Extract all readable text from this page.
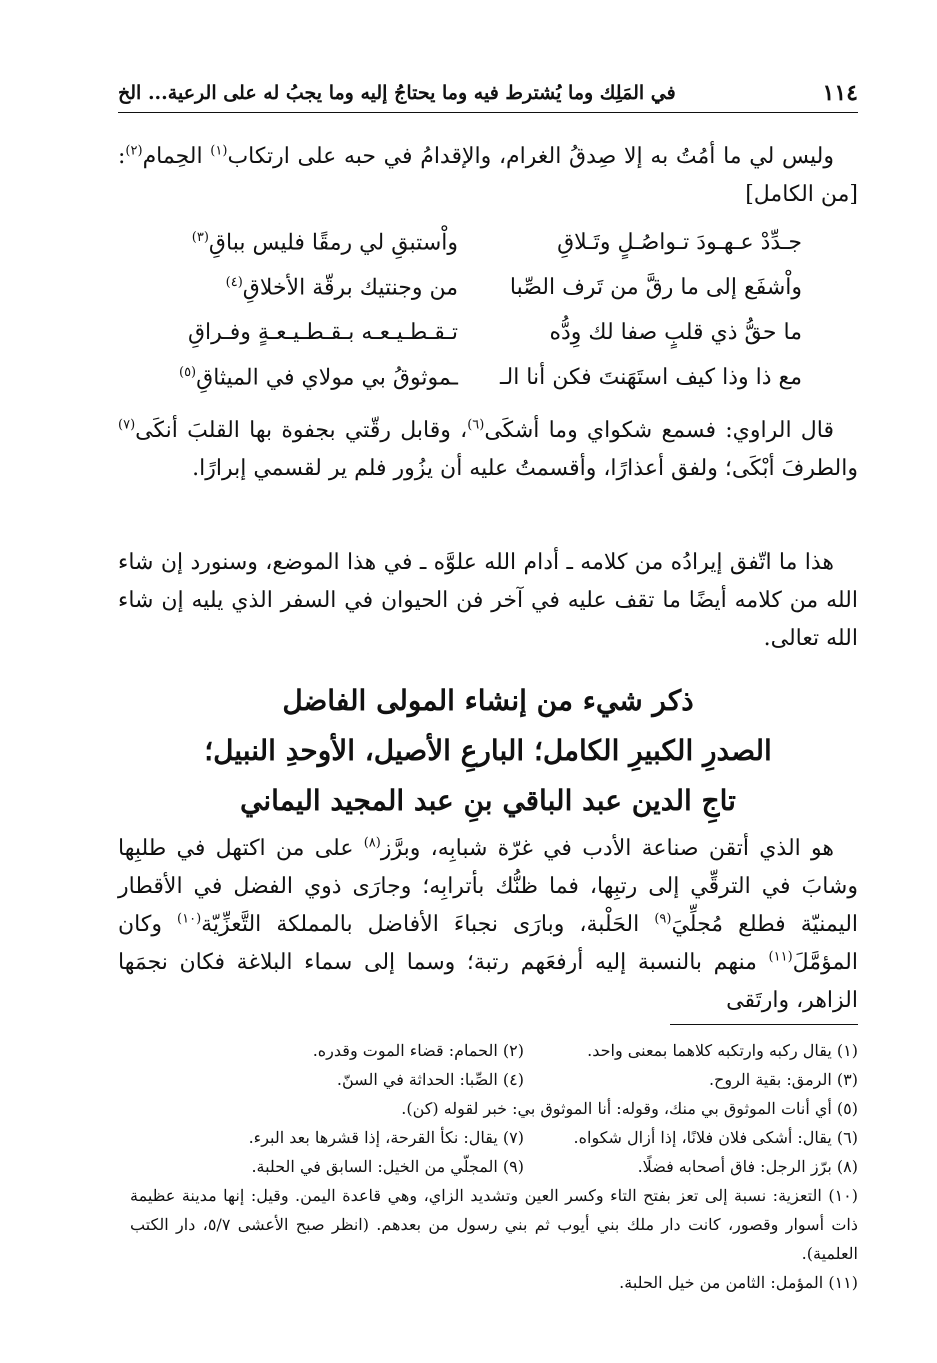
١١٤
في المَلِك وما يُشترط فيه وما يحتاجُ إليه وما يجبُ له على الرعية... الخ

وليس لي ما أمُتُ به إلا صِدقُ الغرام، والإقدامُ في حبه على ارتكاب$^{(١)}$ الحِمام$^{(٢)}$: [من الكامل]

جـدِّدْ عـهـودَ تـواصُـلٍ وتَـلاقِ
واْستبقِ لي رمقًا فليس بباقِ$^{(٣)}$
واْشفَع إلى ما رقَّ من تَرف الصِّبا
من وجنتيك برقّة الأخلاقِ$^{(٤)}$
ما حقُّ ذي قلبٍ صفا لك وِدُّه
تـقـطـيـعـه بـقـطـيـعـةٍ وفـراقِ
مع ذا وذا كيف استَهَنتَ فكن أنا الـ
ـموثوقُ بي مولاي في الميثاقِ$^{(٥)}$

قال الراوي: فسمع شكواي وما أشكَى$^{(٦)}$، وقابل رقّتي بجفوة بها القلبَ أنكَى$^{(٧)}$ والطرفَ أبْكَى؛ ولفق أعذارًا، وأقسمتُ عليه أن يزُور فلم ير لقسمي إبرارًا.

هذا ما اتّفق إيرادُه من كلامه ـ أدام الله علوَّه ـ في هذا الموضع، وسنورد إن شاء الله من كلامه أيضًا ما تقف عليه في آخر فن الحيوان في السفر الذي يليه إن شاء الله تعالى.

ذكر شيء من إنشاء المولى الفاضل
الصدرِ الكبيرِ الكامل؛ البارعِ الأصيل، الأوحدِ النبيل؛
تاجِ الدين عبد الباقي بنِ عبد المجيد اليماني

هو الذي أتقن صناعة الأدب في غرّة شبابِه، وبرَّز$^{(٨)}$ على من اكتهل في طلبِها وشابَ في الترقِّي إلى رتبِها، فما ظنُّك بأترابِه؛ وجارَى ذوي الفضل في الأقطار اليمنيّة فطلع مُجلِّيَ$^{(٩)}$ الحَلْبة، وبارَى نجباءَ الأفاضل بالمملكة التَّعزِّيّة$^{(١٠)}$ وكان المؤمَّلَ$^{(١١)}$ منهم بالنسبة إليه أرفعَهم رتبة؛ وسما إلى سماء البلاغة فكان نجمَها الزاهر، وارتَقى

(١) يقال ركبه وارتكبه كلاهما بمعنى واحد.
(٢) الحمام: قضاء الموت وقدره.
(٣) الرمق: بقية الروح.
(٤) الصِّبا: الحداثة في السنّ.
(٥) أي أنات الموثوق بي منك، وقوله: أنا الموثوق بي: خبر لقوله (كن).
(٦) يقال: أشكى فلان فلانًا، إذا أزال شكواه.
(٧) يقال: نكأ القرحة، إذا قشرها بعد البرء.
(٨) برّز الرجل: فاق أصحابه فضلًا.
(٩) المجلّي من الخيل: السابق في الحلبة.

(١٠) التعزية: نسبة إلى تعز بفتح التاء وكسر العين وتشديد الزاي، وهي قاعدة اليمن. وقيل: إنها مدينة عظيمة ذات أسوار وقصور، كانت دار ملك بني أيوب ثم بني رسول من بعدهم. (انظر صبح الأعشى ٥/٧، دار الكتب العلمية).

(١١) المؤمل: الثامن من خيل الحلبة.
